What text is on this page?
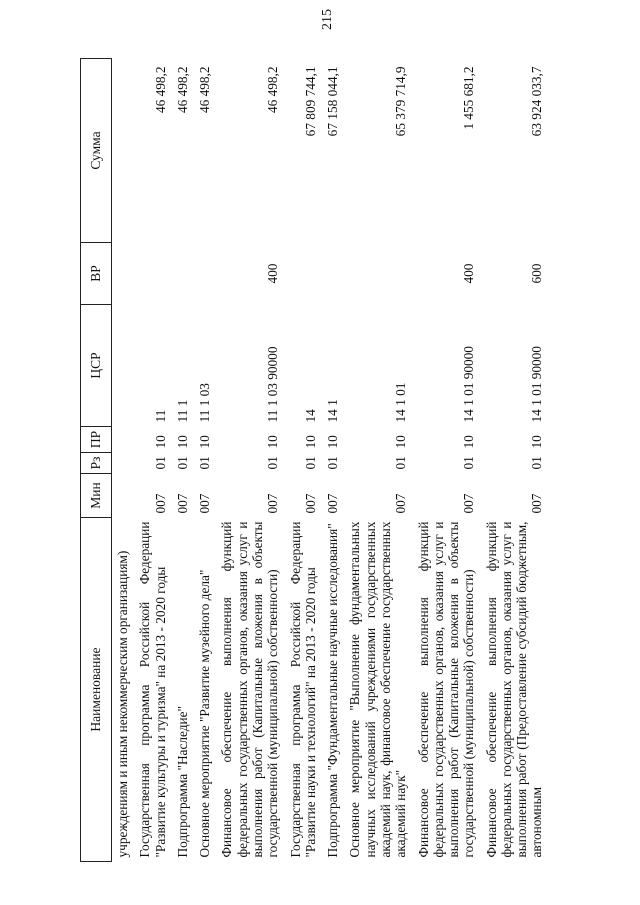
215
Наименование	Мин	Рз	ПР	ЦСР	ВР	Сумма
учреждениям и иным некоммерческим организациям)						
Государственная программа Российской Федерации "Развитие культуры и туризма" на 2013 - 2020 годы	007	01	10	11		46 498,2
Подпрограмма "Наследие"	007	01	10	11 1		46 498,2
Основное мероприятие "Развитие музейного дела"	007	01	10	11 1 03		46 498,2
Финансовое обеспечение выполнения функций федеральных государственных органов, оказания услуг и выполнения работ (Капитальные вложения в объекты государственной (муниципальной) собственности)	007	01	10	11 1 03 90000	400	46 498,2
Государственная программа Российской Федерации "Развитие науки и технологий" на 2013 - 2020 годы	007	01	10	14		67 809 744,1
Подпрограмма "Фундаментальные научные исследования"	007	01	10	14 1		67 158 044,1
Основное мероприятие "Выполнение фундаментальных научных исследований учреждениями государственных академий наук, финансовое обеспечение государственных академий наук"	007	01	10	14 1 01		65 379 714,9
Финансовое обеспечение выполнения функций федеральных государственных органов, оказания услуг и выполнения работ (Капитальные вложения в объекты государственной (муниципальной) собственности)	007	01	10	14 1 01 90000	400	1 455 681,2
Финансовое обеспечение выполнения функций федеральных государственных органов, оказания услуг и выполнения работ (Предоставление субсидий бюджетным, автономным	007	01	10	14 1 01 90000	600	63 924 033,7
